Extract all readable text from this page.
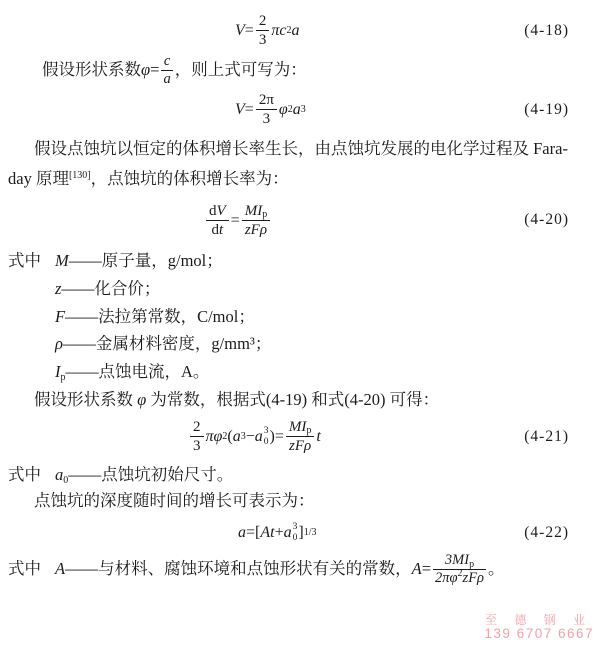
$V = \frac{2}{3}$ πc 2 a	(4-18)
假设形状系数 $\varphi = \frac{c}{a}$ ，则上式可写为：
$V = \frac{2\pi}{3}$ φ 2 a 3	(4-19)
假设点蚀坑以恒定的体积增长率生长，由点蚀坑发展的电化学过程及 Fara-
day 原理[130]，点蚀坑的体积增长率为：
$\frac{dV}{dt} = \frac{MI_p}{\text{zFρ}}$	(4-20)
式中 M——原子量，g/mol；
z——化合价；
F——法拉第常数，C/mol；
ρ——金属材料密度，g/mm³；
$I_p——$点蚀电流，A。
假设形状系数 φ 为常数，根据式(4-19) 和式(4-20) 可得：
$\frac{2}{3}$ πφ 2 ( a 3 − a 3
0 ) = $\frac{MI_p}{\text{zFρ}}$ t	(4-21)
式中 $a_0——$点蚀坑初始尺寸。
点蚀坑的深度随时间的增长可表示为：
a = [ At + a 3
0 ] 1/3	(4-22)
式中 A ——与材料、腐蚀环境和点蚀形状有关的常数， $A = \frac{3MI_p}{2\pi\varphi^2zF\rho}$ 。
至 德 钢 业
139 6707 6667
